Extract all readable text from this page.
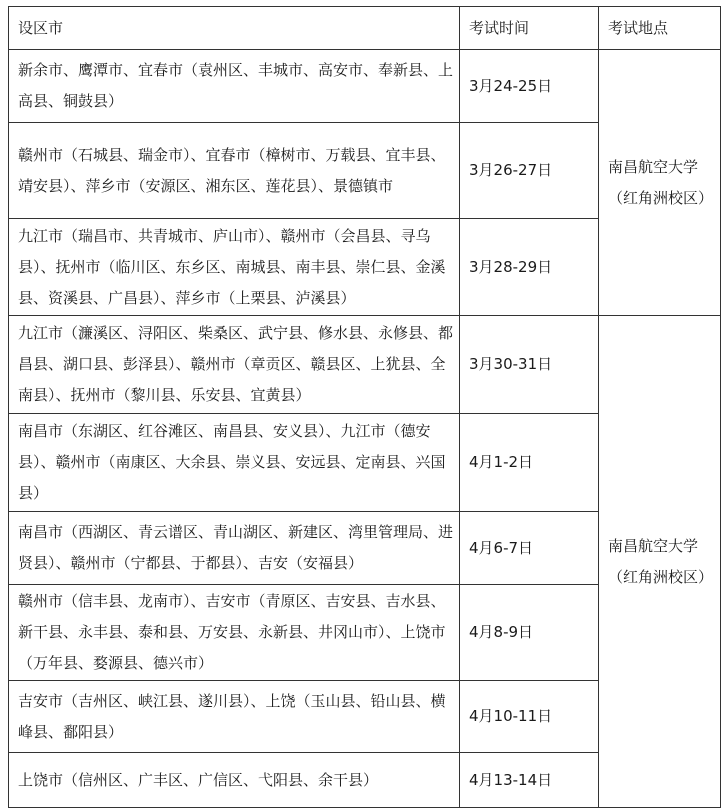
设区市	考试时间	考试地点
新余市、鹰潭市、宜春市（袁州区、丰城市、高安市、奉新县、上高县、铜鼓县）	3月24-25日	南昌航空大学（红角洲校区）
赣州市（石城县、瑞金市）、宜春市（樟树市、万载县、宜丰县、靖安县）、萍乡市（安源区、湘东区、莲花县）、景德镇市	3月26-27日	
九江市（瑞昌市、共青城市、庐山市）、赣州市（会昌县、寻乌县）、抚州市（临川区、东乡区、南城县、南丰县、崇仁县、金溪县、资溪县、广昌县）、萍乡市（上栗县、泸溪县）	3月28-29日	
九江市（濂溪区、浔阳区、柴桑区、武宁县、修水县、永修县、都昌县、湖口县、彭泽县）、赣州市（章贡区、赣县区、上犹县、全南县）、抚州市（黎川县、乐安县、宜黄县）	3月30-31日	南昌航空大学（红角洲校区）
南昌市（东湖区、红谷滩区、南昌县、安义县）、九江市（德安县）、赣州市（南康区、大余县、崇义县、安远县、定南县、兴国县）	4月1-2日	
南昌市（西湖区、青云谱区、青山湖区、新建区、湾里管理局、进贤县）、赣州市（宁都县、于都县）、吉安（安福县）	4月6-7日	
赣州市（信丰县、龙南市）、吉安市（青原区、吉安县、吉水县、新干县、永丰县、泰和县、万安县、永新县、井冈山市）、上饶市（万年县、婺源县、德兴市）	4月8-9日	
吉安市（吉州区、峡江县、遂川县）、上饶（玉山县、铅山县、横峰县、鄱阳县）	4月10-11日	
上饶市（信州区、广丰区、广信区、弋阳县、余干县）	4月13-14日	
